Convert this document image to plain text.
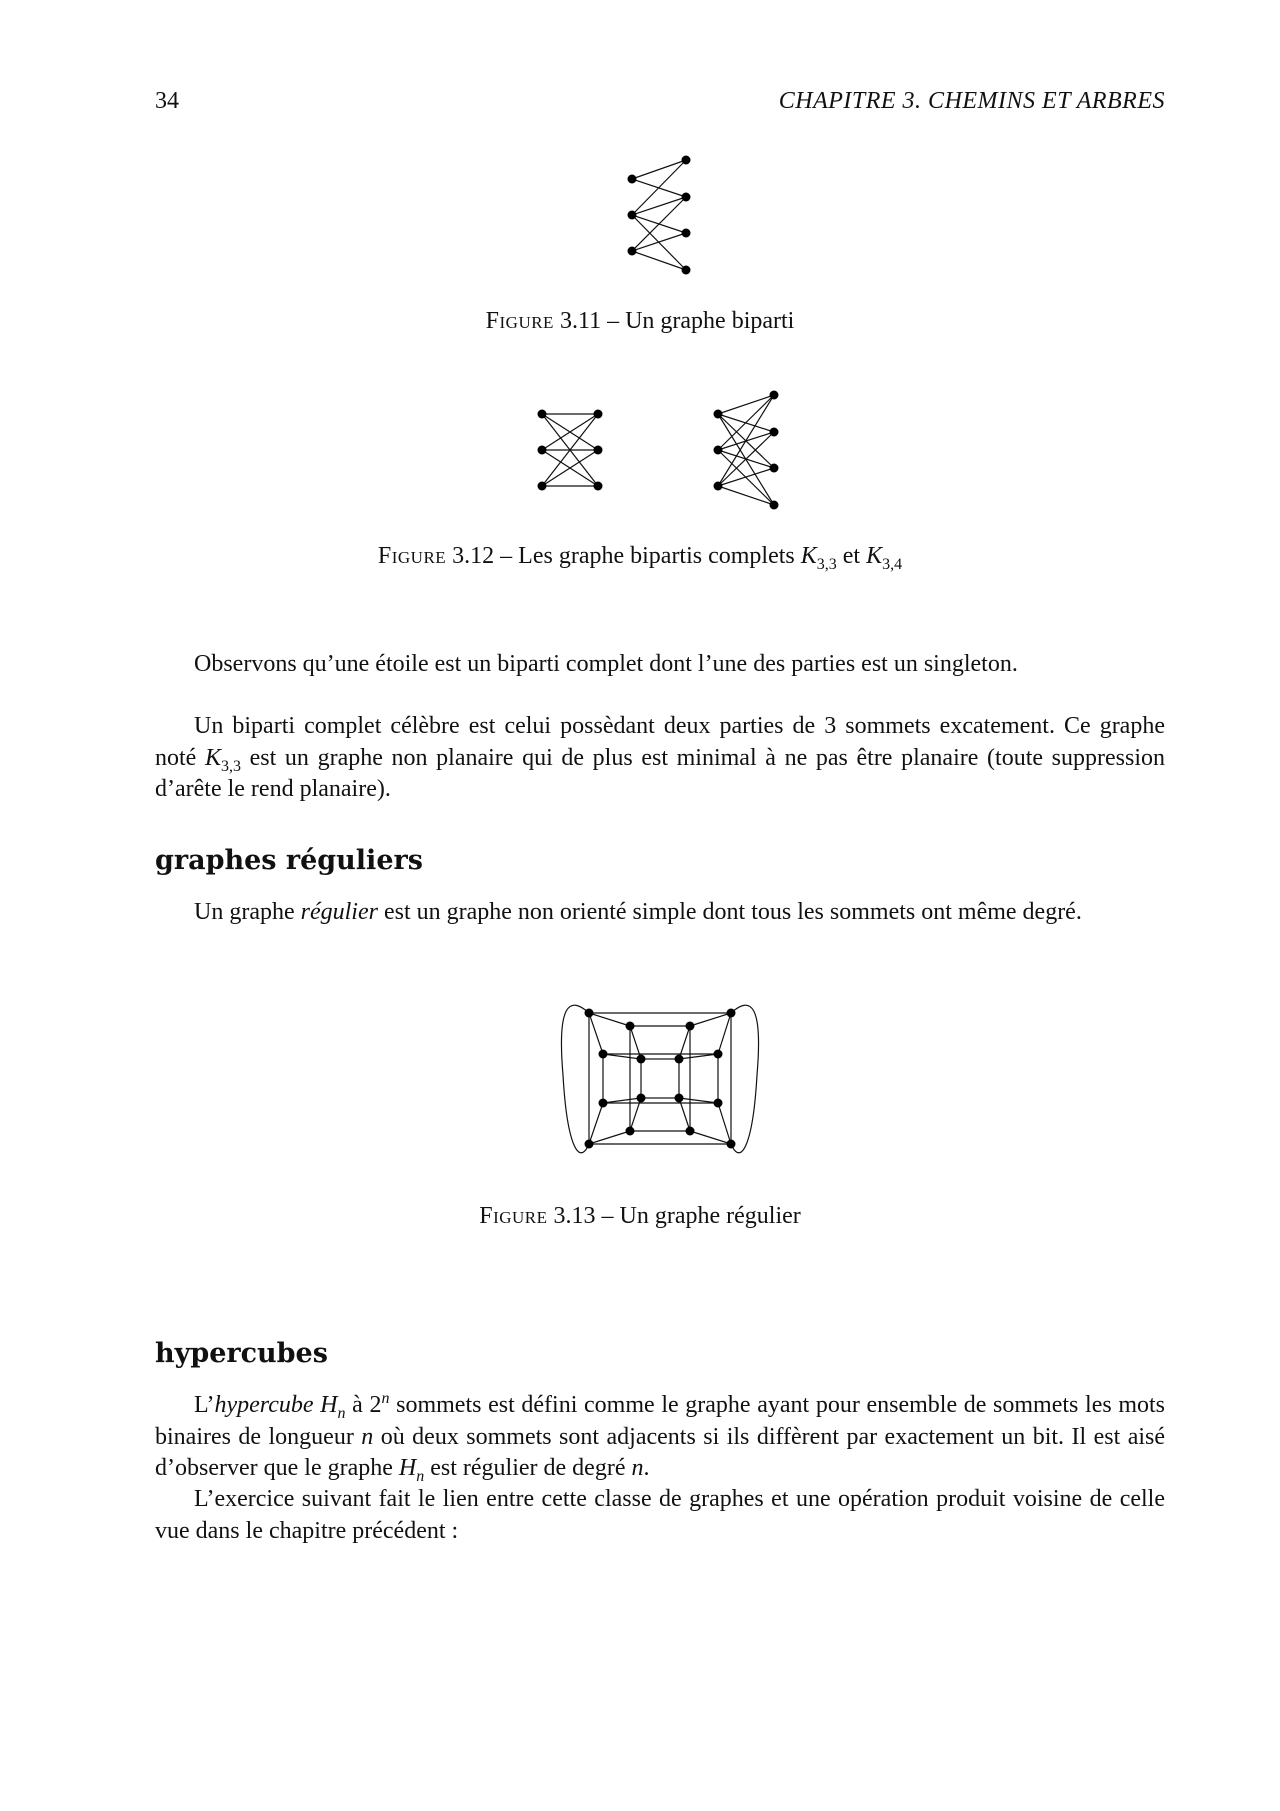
34	CHAPITRE 3. CHEMINS ET ARBRES
Figure 3.11 – Un graphe biparti
Figure 3.12 – Les graphe bipartis complets $K_{3,3}$ et $K_{3,4}$
Observons qu’une étoile est un biparti complet dont l’une des parties est un singleton.
Un biparti complet célèbre est celui possèdant deux parties de 3 sommets excatement. Ce graphe noté $K_{3,3}$ est un graphe non planaire qui de plus est minimal à ne pas être planaire (toute suppression d’arête le rend planaire).
graphes réguliers
Un graphe régulier est un graphe non orienté simple dont tous les sommets ont même degré.
Figure 3.13 – Un graphe régulier
hypercubes
L’hypercube $H_n$ à 2$^n$ sommets est défini comme le graphe ayant pour ensemble de sommets les mots binaires de longueur n où deux sommets sont adjacents si ils diffèrent par exactement un bit. Il est aisé d’observer que le graphe $H_n$ est régulier de degré n.
L’exercice suivant fait le lien entre cette classe de graphes et une opération produit voisine de celle vue dans le chapitre précédent :
